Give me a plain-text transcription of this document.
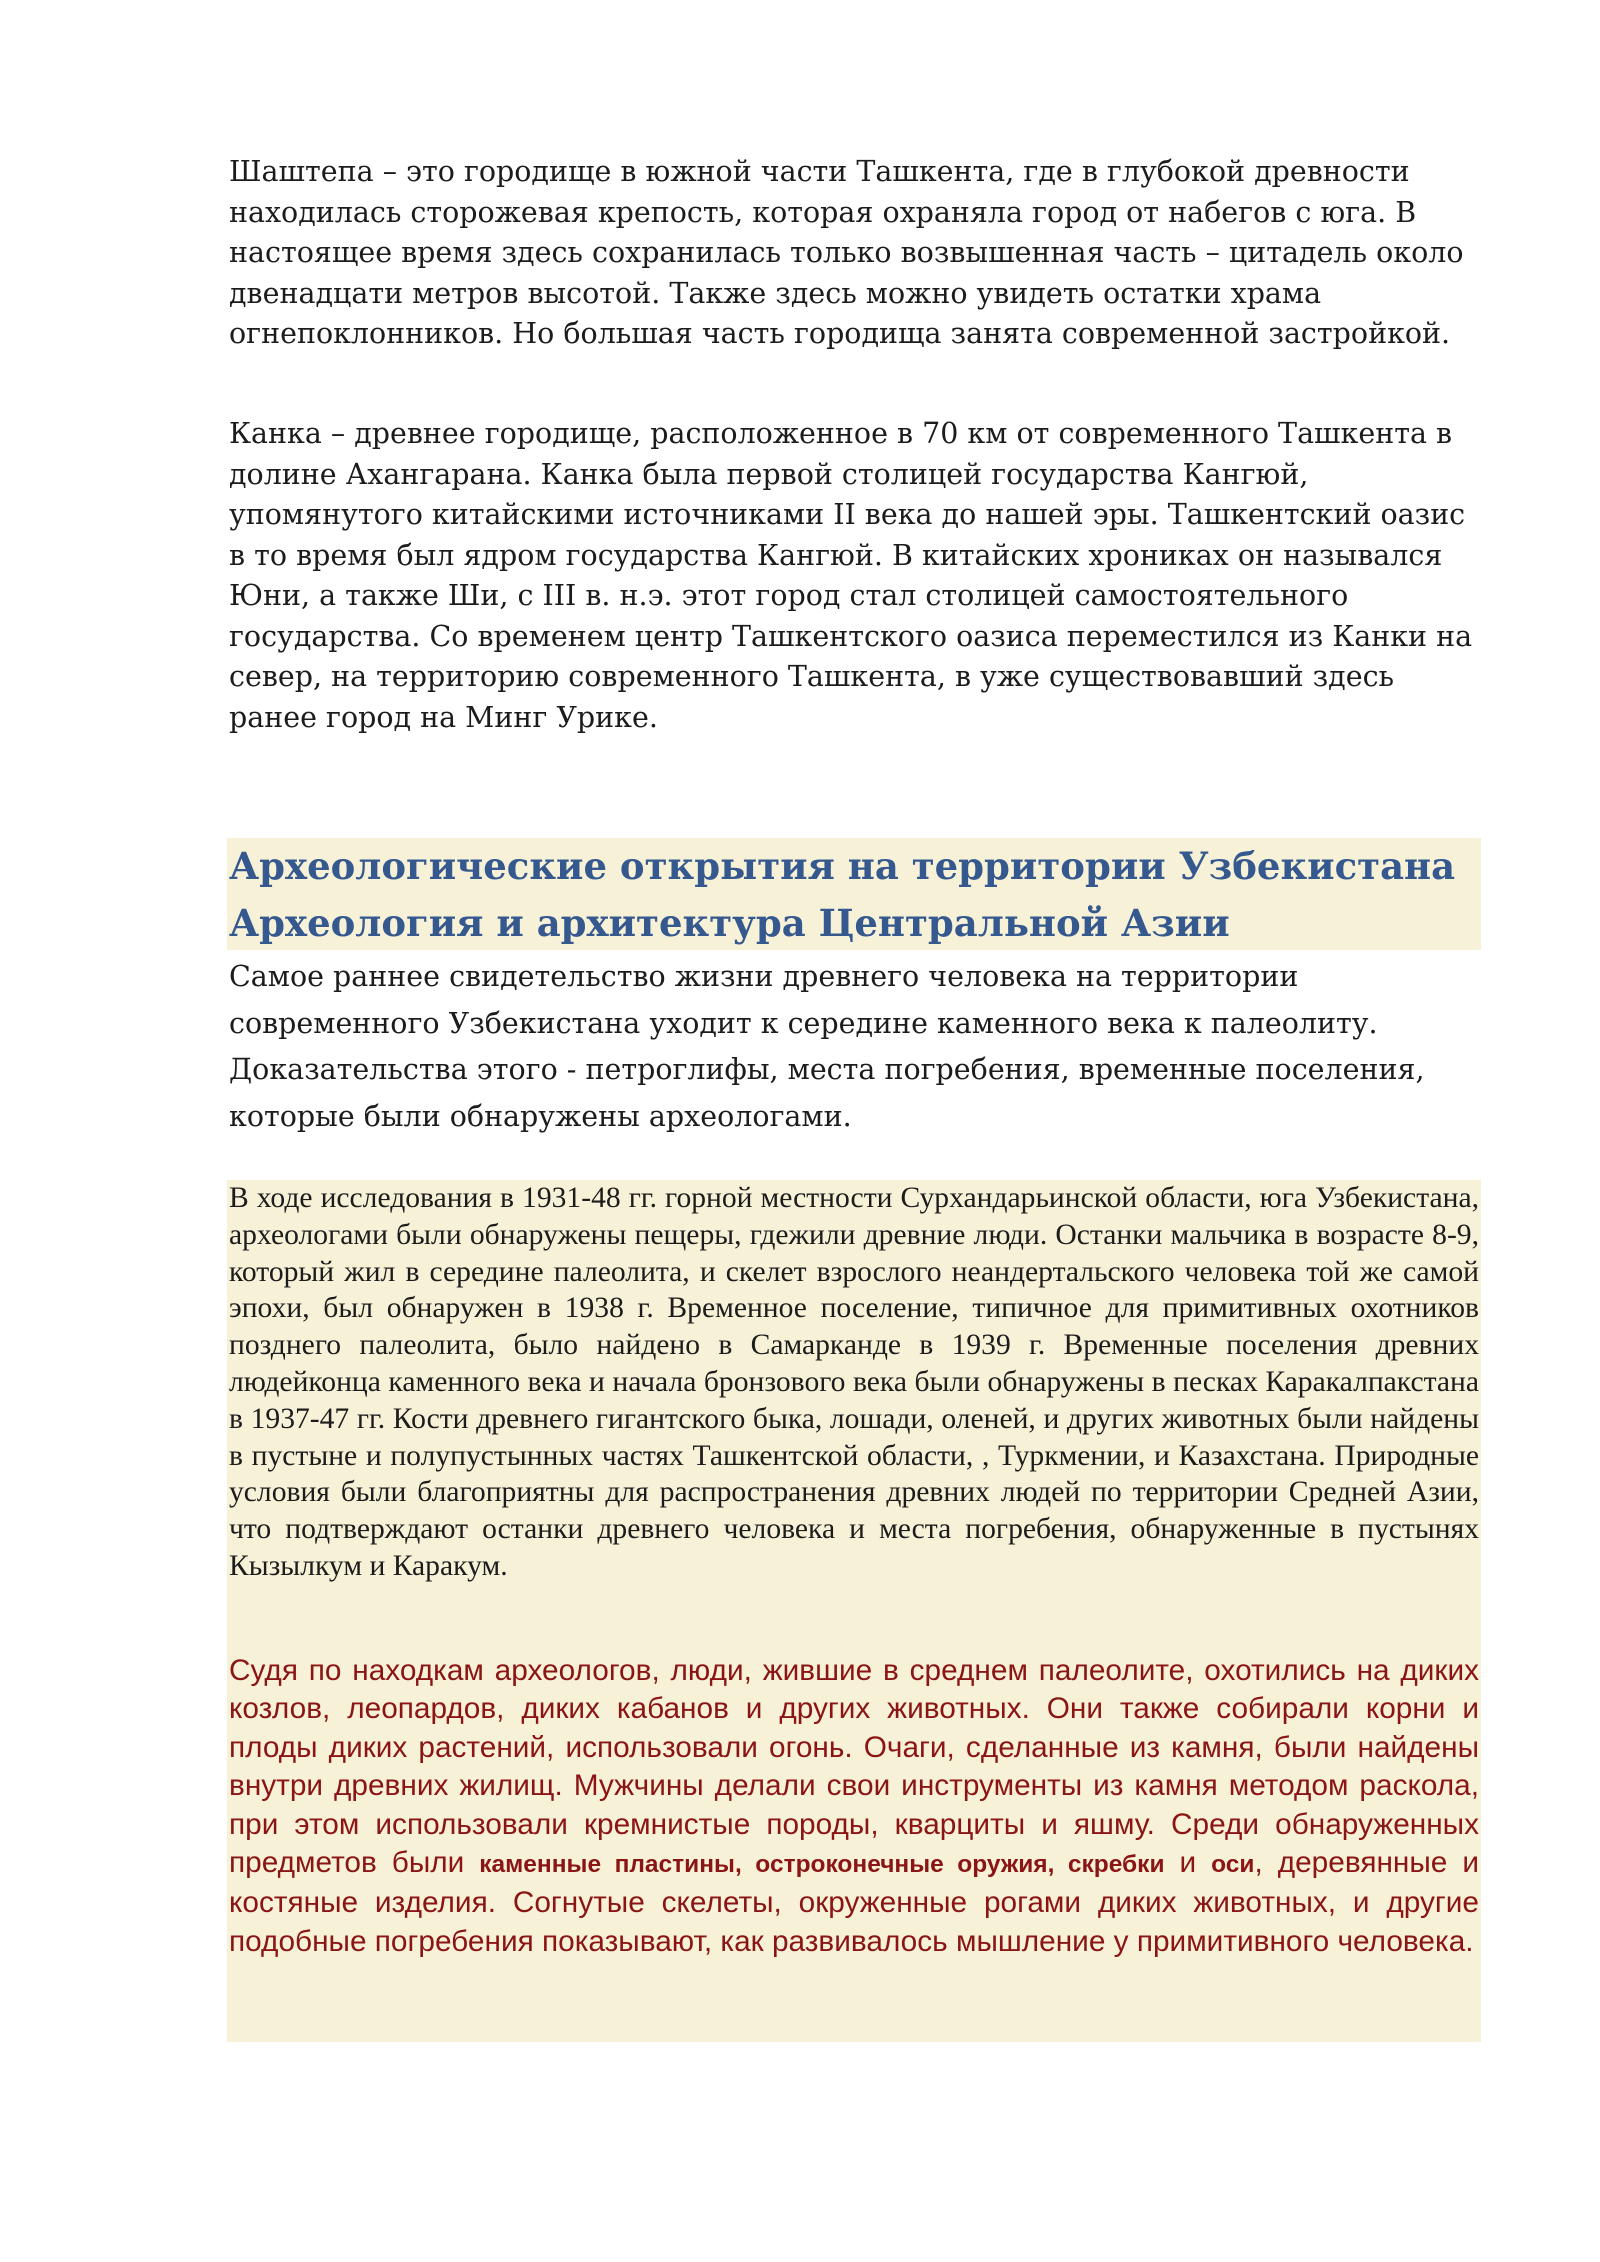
Шаштепа – это городище в южной части Ташкента, где в глубокой древности находилась сторожевая крепость, которая охраняла город от набегов с юга. В настоящее время здесь сохранилась только возвышенная часть – цитадель около двенадцати метров высотой. Также здесь можно увидеть остатки храма огнепоклонников. Но большая часть городища занята современной застройкой.

Канка – древнее городище, расположенное в 70 км от современного Ташкента в долине Ахангарана. Канка была первой столицей государства Кангюй, упомянутого китайскими источниками II века до нашей эры. Ташкентский оазис в то время был ядром государства Кангюй. В китайских хрониках он назывался Юни, а также Ши, с III в. н.э. этот город стал столицей самостоятельного государства. Со временем центр Ташкентского оазиса переместился из Канки на север, на территорию современного Ташкента, в уже существовавший здесь ранее город на Минг Урике.

Археологические открытия на территории Узбекистана
Археология и архитектура Центральной Азии

Самое раннее свидетельство жизни древнего человека на территории современного Узбекистана уходит к середине каменного века к палеолиту. Доказательства этого - петроглифы, места погребения, временные поселения, которые были обнаружены археологами.

В ходе исследования в 1931-48 гг. горной местности Сурхандарьинской области, юга Узбекистана, археологами были обнаружены пещеры, гдежили древние люди. Останки мальчика в возрасте 8-9, который жил в середине палеолита, и скелет взрослого неандертальского человека той же самой эпохи, был обнаружен в 1938 г. Временное поселение, типичное для примитивных охотников позднего палеолита, было найдено в Самарканде в 1939 г. Временные поселения древних людейконца каменного века и начала бронзового века были обнаружены в песках Каракалпакстана в 1937-47 гг. Кости древнего гигантского быка, лошади, оленей, и других животных были найдены в пустыне и полупустынных частях Ташкентской области, , Туркмении, и Казахстана. Природные условия были благоприятны для распространения древних людей по территории Средней Азии, что подтверждают останки древнего человека и места погребения, обнаруженные в пустынях Кызылкум и Каракум.

Судя по находкам археологов, люди, жившие в среднем палеолите, охотились на диких козлов, леопардов, диких кабанов и других животных. Они также собирали корни и плоды диких растений, использовали огонь. Очаги, сделанные из камня, были найдены внутри древних жилищ. Мужчины делали свои инструменты из камня методом раскола, при этом использовали кремнистые породы, кварциты и яшму. Среди обнаруженных предметов были каменные пластины, остроконечные оружия, скребки и оси, деревянные и костяные изделия. Согнутые скелеты, окруженные рогами диких животных, и другие подобные погребения показывают, как развивалось мышление у примитивного человека.
